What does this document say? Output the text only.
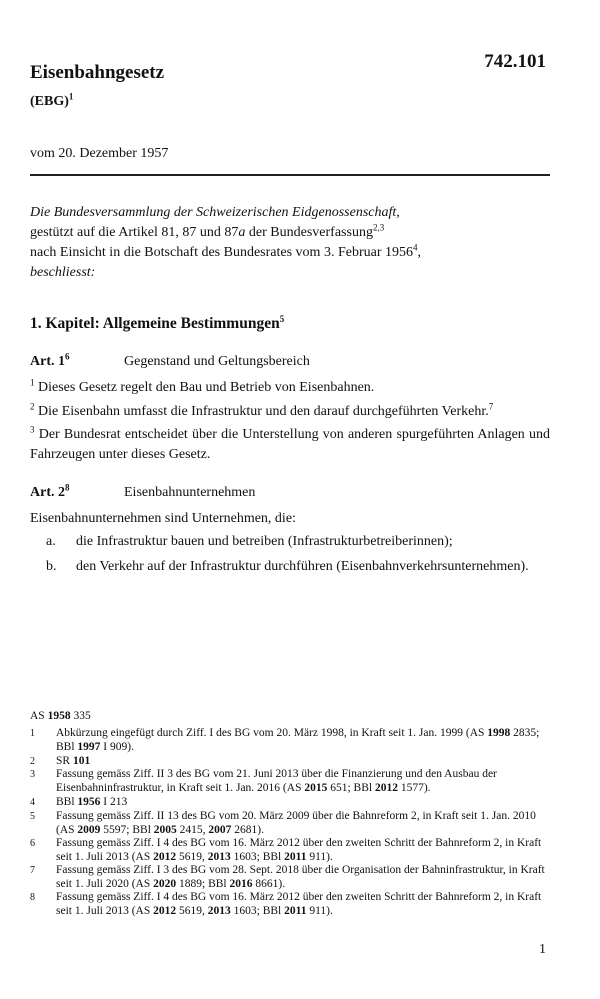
Eisenbahngesetz
(EBG)$^1$
742.101
vom 20. Dezember 1957
Die Bundesversammlung der Schweizerischen Eidgenossenschaft,
gestützt auf die Artikel 81, 87 und 87a der Bundesverfassung$^{2,3}$
nach Einsicht in die Botschaft des Bundesrates vom 3. Februar 1956$^4$,
beschliesst:
1. Kapitel: Allgemeine Bestimmungen$^5$
Art. $1^6$	Gegenstand und Geltungsbereich
$^1$ Dieses Gesetz regelt den Bau und Betrieb von Eisenbahnen.
$^2$ Die Eisenbahn umfasst die Infrastruktur und den darauf durchgeführten Verkehr.$^7$
$^3$ Der Bundesrat entscheidet über die Unterstellung von anderen spurgeführten Anlagen und Fahrzeugen unter dieses Gesetz.
Art. $2^8$	Eisenbahnunternehmen
Eisenbahnunternehmen sind Unternehmen, die:
a. die Infrastruktur bauen und betreiben (Infrastrukturbetreiberinnen);
b. den Verkehr auf der Infrastruktur durchführen (Eisenbahnverkehrsunternehmen).
AS 1958 335
1 Abkürzung eingefügt durch Ziff. I des BG vom 20. März 1998, in Kraft seit 1. Jan. 1999 (AS 1998 2835; BBl 1997 I 909).
2 SR 101
3 Fassung gemäss Ziff. II 3 des BG vom 21. Juni 2013 über die Finanzierung und den Ausbau der Eisenbahninfrastruktur, in Kraft seit 1. Jan. 2016 (AS 2015 651; BBl 2012 1577).
4 BBl 1956 I 213
5 Fassung gemäss Ziff. II 13 des BG vom 20. März 2009 über die Bahnreform 2, in Kraft seit 1. Jan. 2010 (AS 2009 5597; BBl 2005 2415, 2007 2681).
6 Fassung gemäss Ziff. I 4 des BG vom 16. März 2012 über den zweiten Schritt der Bahnreform 2, in Kraft seit 1. Juli 2013 (AS 2012 5619, 2013 1603; BBl 2011 911).
7 Fassung gemäss Ziff. I 3 des BG vom 28. Sept. 2018 über die Organisation der Bahninfrastruktur, in Kraft seit 1. Juli 2020 (AS 2020 1889; BBl 2016 8661).
8 Fassung gemäss Ziff. I 4 des BG vom 16. März 2012 über den zweiten Schritt der Bahnreform 2, in Kraft seit 1. Juli 2013 (AS 2012 5619, 2013 1603; BBl 2011 911).
1
